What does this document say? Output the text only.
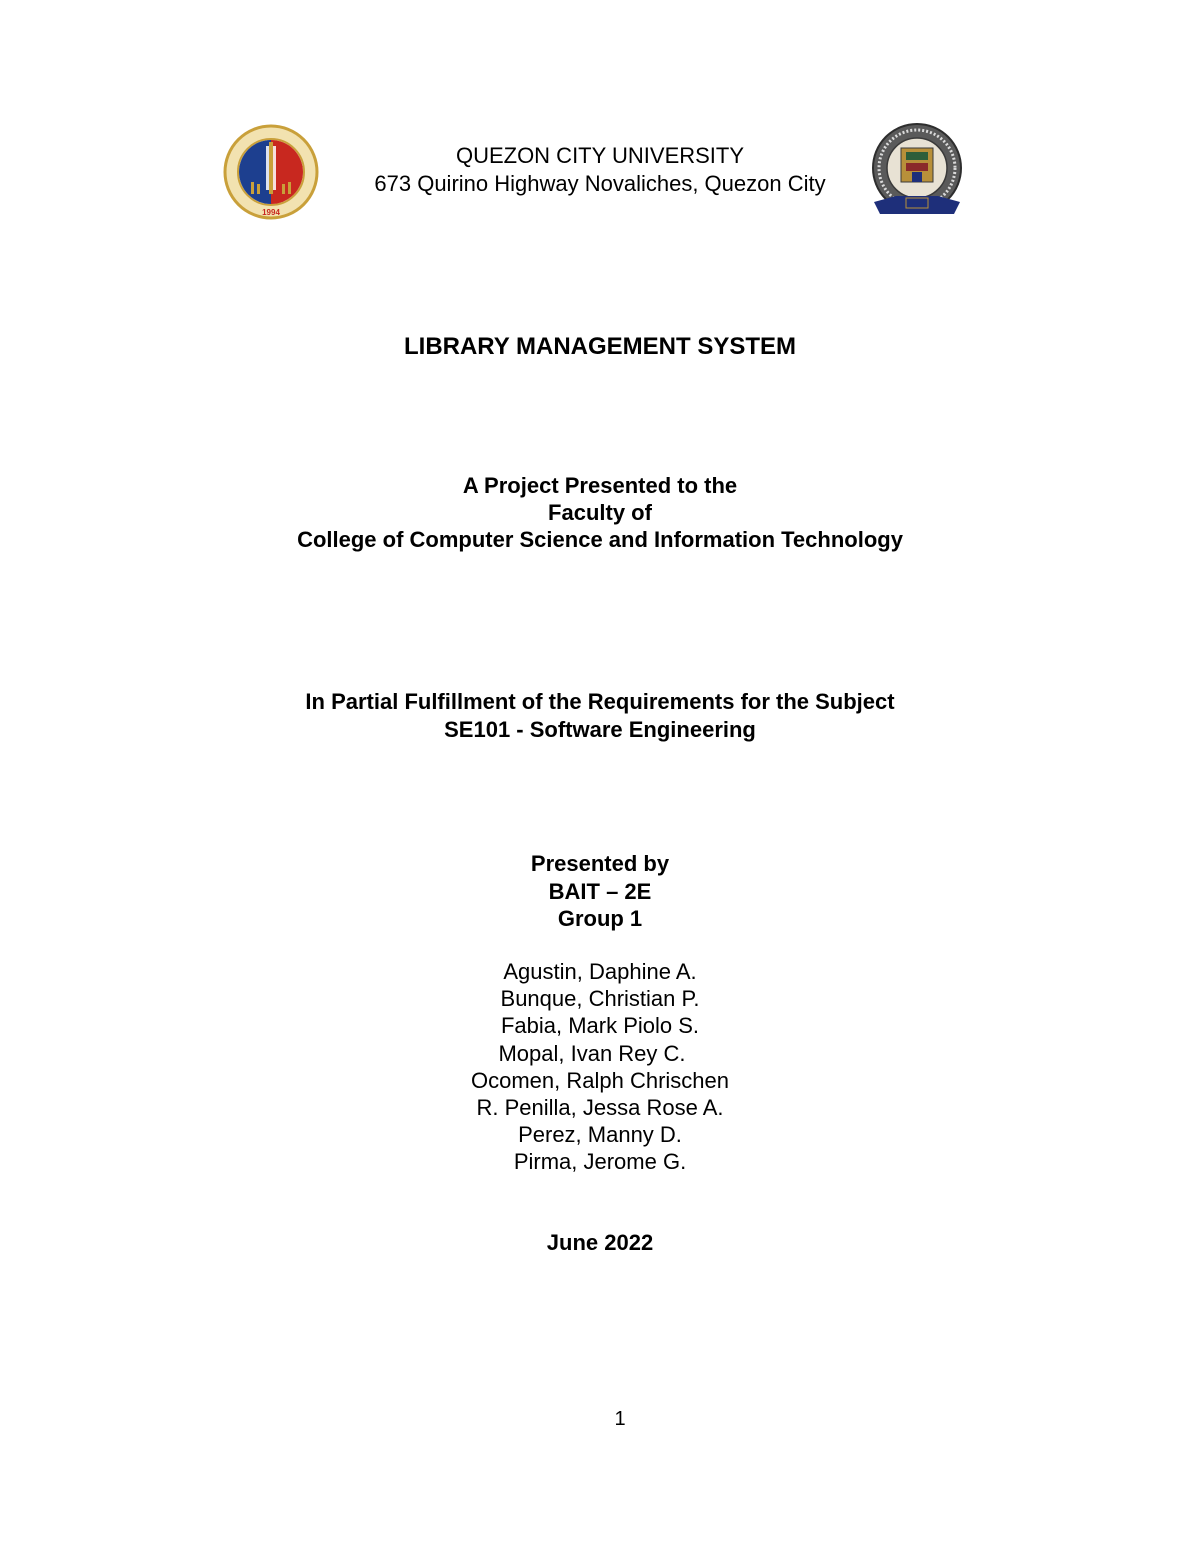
1994
QUEZON CITY UNIVERSITY
673 Quirino Highway Novaliches, Quezon City
LIBRARY MANAGEMENT SYSTEM
A Project Presented to the
Faculty of
College of Computer Science and Information Technology
In Partial Fulfillment of the Requirements for the Subject
SE101 - Software Engineering
Presented by
BAIT – 2E
Group 1
Agustin, Daphine A.
Bunque, Christian P.
Fabia, Mark Piolo S.
Mopal, Ivan Rey C.
Ocomen, Ralph Chrischen
R. Penilla, Jessa Rose A.
Perez, Manny D.
Pirma, Jerome G.
June 2022
1
